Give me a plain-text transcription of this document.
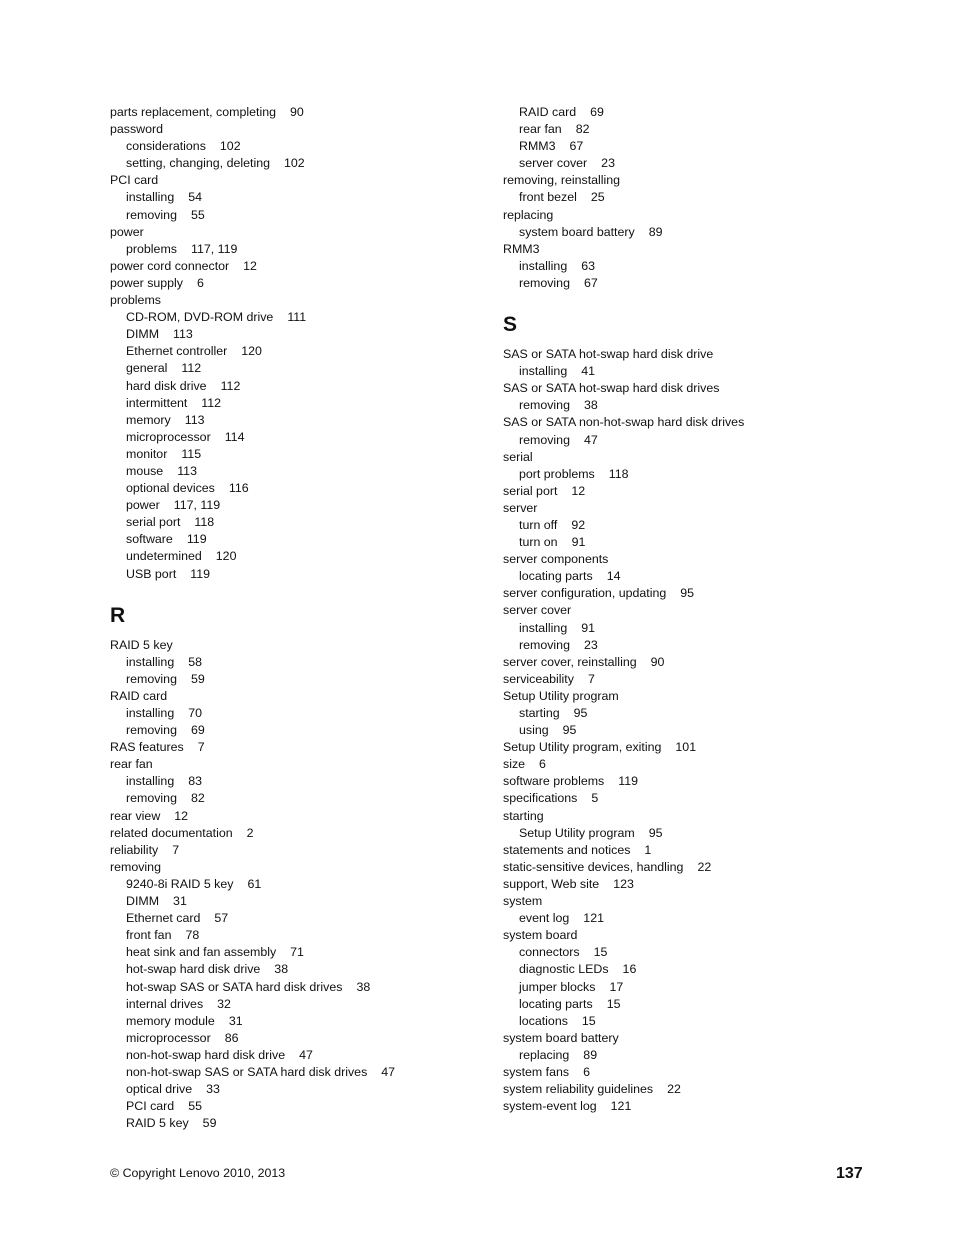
parts replacement, completing 90
password
considerations 102
setting, changing, deleting 102
PCI card
installing 54
removing 55
power
problems 117, 119
power cord connector 12
power supply 6
problems
CD-ROM, DVD-ROM drive 111
DIMM 113
Ethernet controller 120
general 112
hard disk drive 112
intermittent 112
memory 113
microprocessor 114
monitor 115
mouse 113
optional devices 116
power 117, 119
serial port 118
software 119
undetermined 120
USB port 119
R
RAID 5 key
installing 58
removing 59
RAID card
installing 70
removing 69
RAS features 7
rear fan
installing 83
removing 82
rear view 12
related documentation 2
reliability 7
removing
9240-8i RAID 5 key 61
DIMM 31
Ethernet card 57
front fan 78
heat sink and fan assembly 71
hot-swap hard disk drive 38
hot-swap SAS or SATA hard disk drives 38
internal drives 32
memory module 31
microprocessor 86
non-hot-swap hard disk drive 47
non-hot-swap SAS or SATA hard disk drives 47
optical drive 33
PCI card 55
RAID 5 key 59
RAID card 69
rear fan 82
RMM3 67
server cover 23
removing, reinstalling
front bezel 25
replacing
system board battery 89
RMM3
installing 63
removing 67
S
SAS or SATA hot-swap hard disk drive
installing 41
SAS or SATA hot-swap hard disk drives
removing 38
SAS or SATA non-hot-swap hard disk drives
removing 47
serial
port problems 118
serial port 12
server
turn off 92
turn on 91
server components
locating parts 14
server configuration, updating 95
server cover
installing 91
removing 23
server cover, reinstalling 90
serviceability 7
Setup Utility program
starting 95
using 95
Setup Utility program, exiting 101
size 6
software problems 119
specifications 5
starting
Setup Utility program 95
statements and notices 1
static-sensitive devices, handling 22
support, Web site 123
system
event log 121
system board
connectors 15
diagnostic LEDs 16
jumper blocks 17
locating parts 15
locations 15
system board battery
replacing 89
system fans 6
system reliability guidelines 22
system-event log 121
© Copyright Lenovo 2010, 2013	137
